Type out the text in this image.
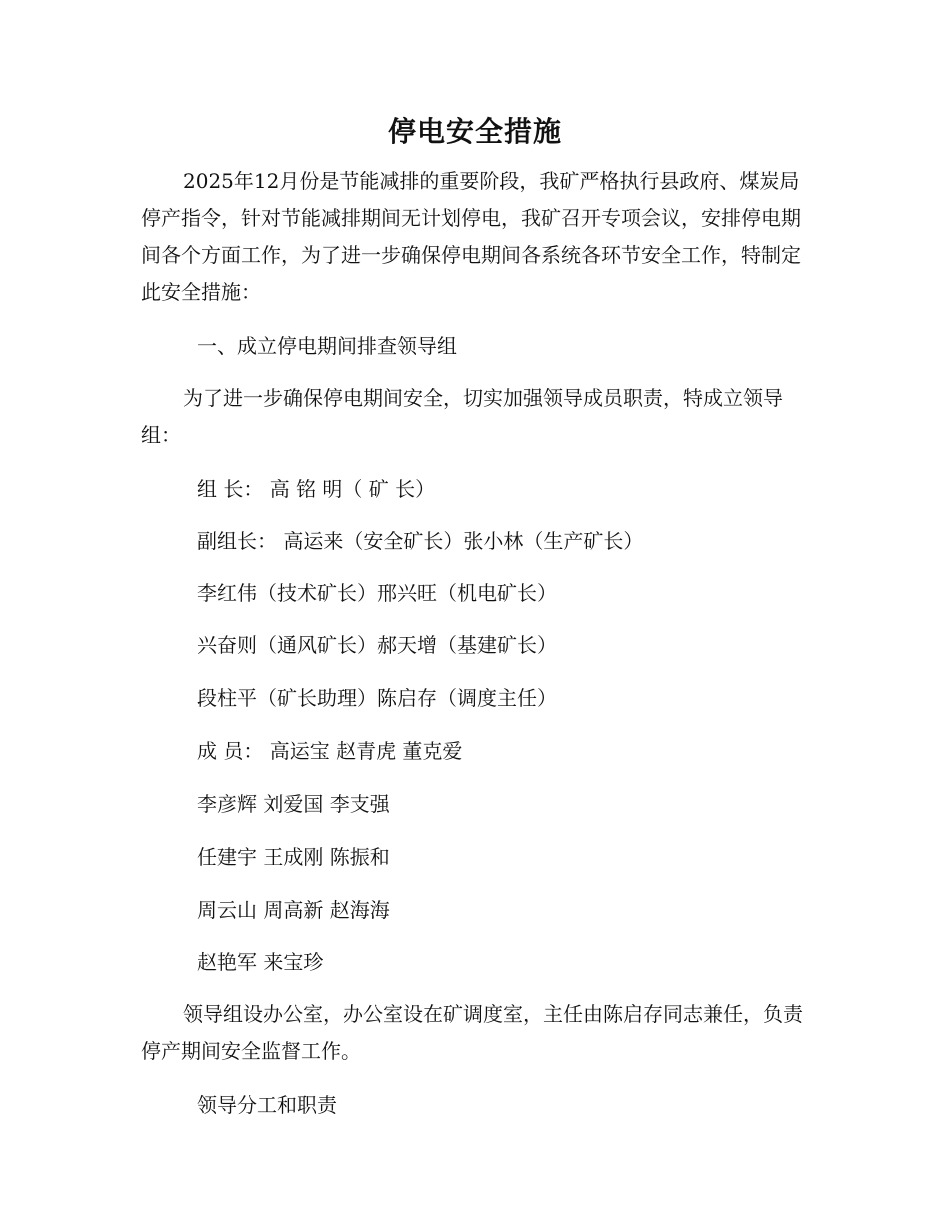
停电安全措施

2025年12月份是节能减排的重要阶段，我矿严格执行县政府、煤炭局停产指令，针对节能减排期间无计划停电，我矿召开专项会议，安排停电期间各个方面工作，为了进一步确保停电期间各系统各环节安全工作，特制定此安全措施：

一、成立停电期间排查领导组

为了进一步确保停电期间安全，切实加强领导成员职责，特成立领导组：

组 长： 高 铭 明（ 矿 长）

副组长： 高运来（安全矿长）张小林（生产矿长）

李红伟（技术矿长）邢兴旺（机电矿长）

兴奋则（通风矿长）郝天增（基建矿长）

段柱平（矿长助理）陈启存（调度主任）

成 员： 高运宝 赵青虎 董克爱

李彦辉 刘爱国 李支强

任建宇 王成刚 陈振和

周云山 周高新 赵海海

赵艳军 来宝珍

领导组设办公室，办公室设在矿调度室，主任由陈启存同志兼任，负责停产期间安全监督工作。

领导分工和职责
